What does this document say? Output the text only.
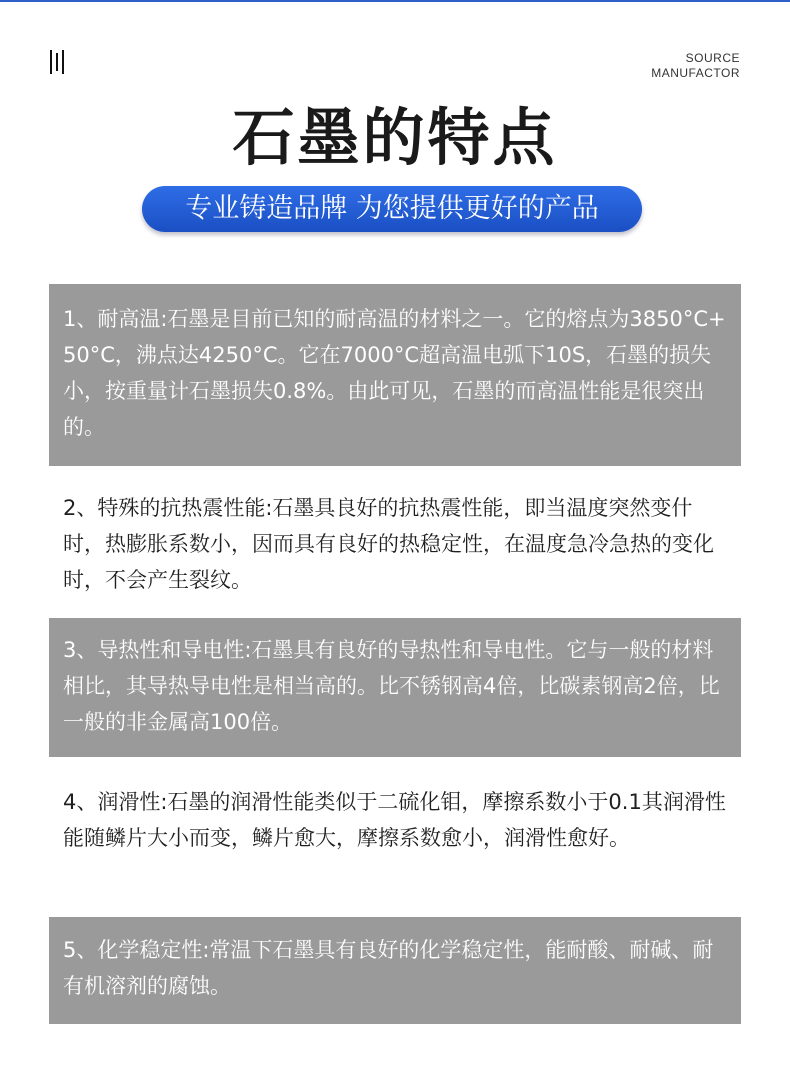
SOURCE
MANUFACTOR
石墨的特点
专业铸造品牌 为您提供更好的产品
1、耐高温:石墨是目前已知的耐高温的材料之一。它的熔点为3850°C+50°C，沸点达4250°C。它在7000°C超高温电弧下10S，石墨的损失小，按重量计石墨损失0.8%。由此可见，石墨的而高温性能是很突出的。
2、特殊的抗热震性能:石墨具良好的抗热震性能，即当温度突然变什时，热膨胀系数小，因而具有良好的热稳定性，在温度急冷急热的变化时，不会产生裂纹。
3、导热性和导电性:石墨具有良好的导热性和导电性。它与一般的材料相比，其导热导电性是相当高的。比不锈钢高4倍，比碳素钢高2倍，比一般的非金属高100倍。
4、润滑性:石墨的润滑性能类似于二硫化钼，摩擦系数小于0.1其润滑性能随鳞片大小而变，鳞片愈大，摩擦系数愈小，润滑性愈好。
5、化学稳定性:常温下石墨具有良好的化学稳定性，能耐酸、耐碱、耐有机溶剂的腐蚀。
